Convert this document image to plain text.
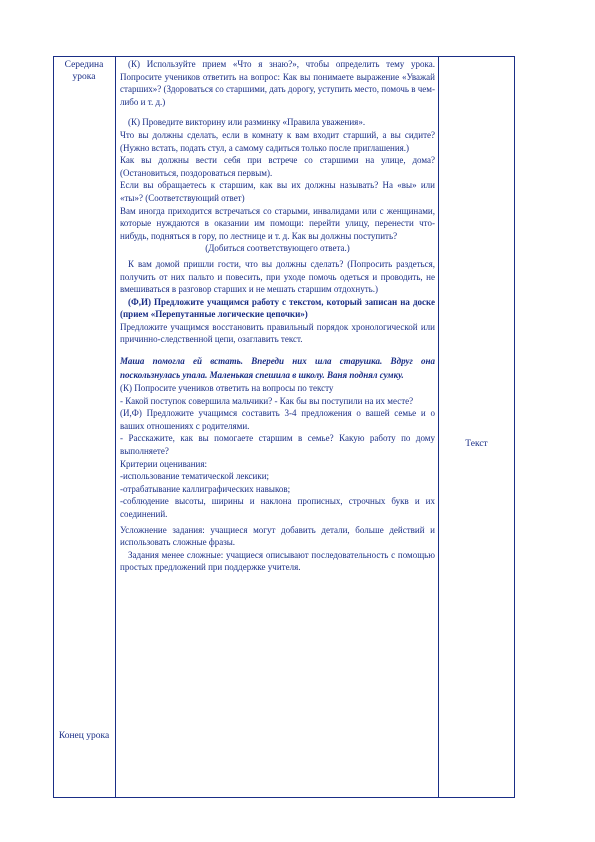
Середина урока
Конец урока
Текст

(К) Используйте прием «Что я знаю?», чтобы определить тему урока. Попросите учеников ответить на вопрос: Как вы понимаете выражение «Уважай старших»? (Здороваться со старшими, дать дорогу, уступить место, помочь в чем-либо и т. д.)

(К) Проведите викторину или разминку «Правила уважения».

Что вы должны сделать, если в комнату к вам входит старший, а вы сидите? (Нужно встать, подать стул, а самому садиться только после приглашения.)

Как вы должны вести себя при встрече со старшими на улице, дома? (Остановиться, поздороваться первым).

Если вы обращаетесь к старшим, как вы их должны называть? На «вы» или «ты»? (Соответствующий ответ)

Вам иногда приходится встречаться со старыми, инвалидами или с женщинами, которые нуждаются в оказании им помощи: перейти улицу, перенести что-нибудь, подняться в гору, по лестнице и т. д. Как вы должны поступить?

(Добиться соответствующего ответа.)

К вам домой пришли гости, что вы должны сделать? (Попросить раздеться, получить от них пальто и повесить, при уходе помочь одеться и проводить, не вмешиваться в разговор старших и не мешать старшим отдохнуть.)

(Ф,И) Предложите учащимся работу с текстом, который записан на доске (прием «Перепутанные логические цепочки»)

Предложите учащимся восстановить правильный порядок хронологической или причинно-следственной цепи, озаглавить текст.

Маша помогла ей встать. Впереди них шла старушка. Вдруг она поскользнулась упала. Маленькая спешила в школу. Ваня поднял сумку.

(К) Попросите учеников ответить на вопросы по тексту

- Какой поступок совершила мальчики? - Как бы вы поступили на их месте?

(И,Ф) Предложите учащимся составить 3-4 предложения о вашей семье и о ваших отношениях с родителями.

- Расскажите, как вы помогаете старшим в семье? Какую работу по дому выполняете?

Критерии оценивания:

-использование тематической лексики;

-отрабатывание каллиграфических навыков;

-соблюдение высоты, ширины и наклона прописных, строчных букв и их соединений.

Усложнение задания: учащиеся могут добавить детали, больше действий и использовать сложные фразы.

Задания менее сложные: учащиеся описывают последовательность с помощью простых предложений при поддержке учителя.
